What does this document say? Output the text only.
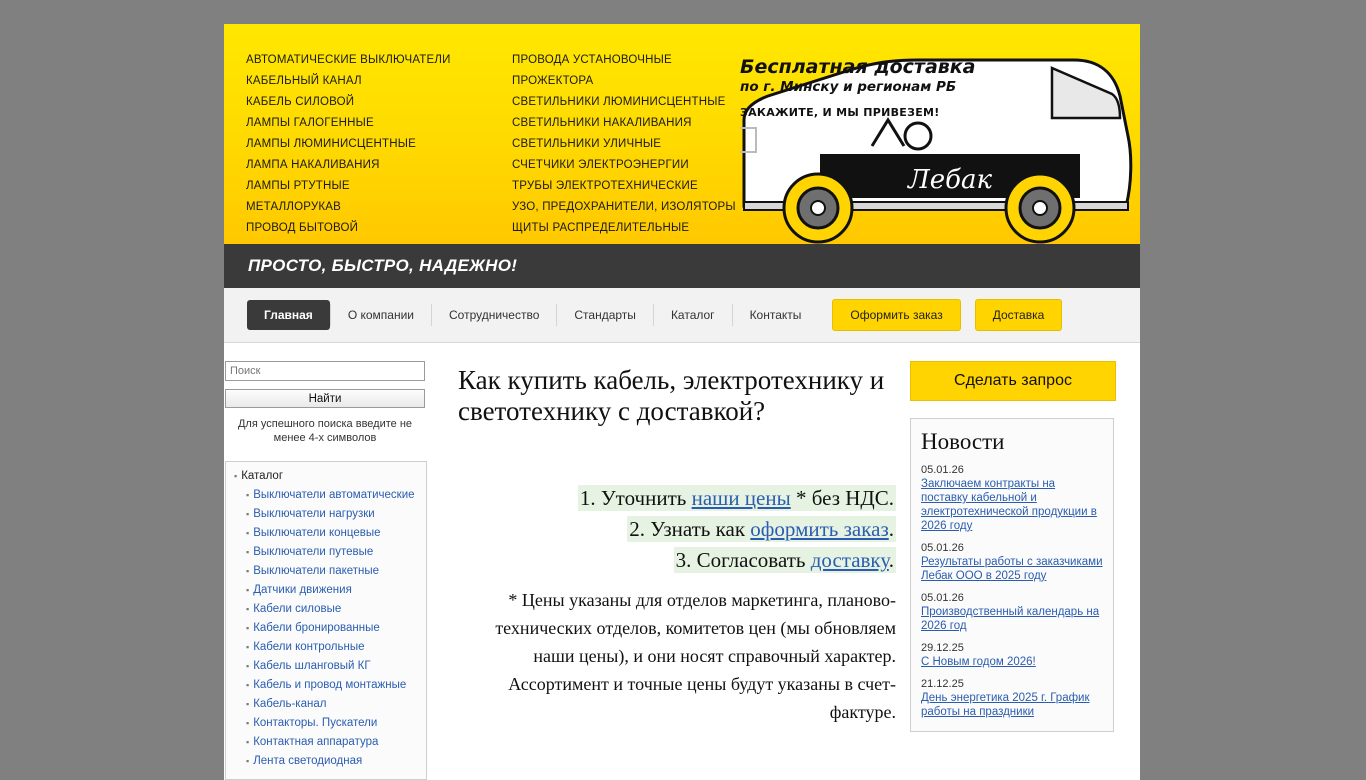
АВТОМАТИЧЕСКИЕ ВЫКЛЮЧАТЕЛИ
КАБЕЛЬНЫЙ КАНАЛ
КАБЕЛЬ СИЛОВОЙ
ЛАМПЫ ГАЛОГЕННЫЕ
ЛАМПЫ ЛЮМИНИСЦЕНТНЫЕ
ЛАМПА НАКАЛИВАНИЯ
ЛАМПЫ РТУТНЫЕ
МЕТАЛЛОРУКАВ
ПРОВОД БЫТОВОЙ
ПРОВОДА УСТАНОВОЧНЫЕ
ПРОЖЕКТОРА
СВЕТИЛЬНИКИ ЛЮМИНИСЦЕНТНЫЕ
СВЕТИЛЬНИКИ НАКАЛИВАНИЯ
СВЕТИЛЬНИКИ УЛИЧНЫЕ
СЧЕТЧИКИ ЭЛЕКТРОЭНЕРГИИ
ТРУБЫ ЭЛЕКТРОТЕХНИЧЕСКИЕ
УЗО, ПРЕДОХРАНИТЕЛИ, ИЗОЛЯТОРЫ
ЩИТЫ РАСПРЕДЕЛИТЕЛЬНЫЕ
Лебак
Бесплатная доставка
по г. Минску и регионам РБ
ЗАКАЖИТЕ, И МЫ ПРИВЕЗЕМ!
ПРОСТО, БЫСТРО, НАДЕЖНО!
Главная	О компании	Сотрудничество	Стандарты	Каталог	Контакты	Оформить заказ	Доставка
Поиск Найти
Для успешного поиска введите не менее 4-х символов
▪ Каталог
▪ Выключатели автоматические
▪ Выключатели нагрузки
▪ Выключатели концевые
▪ Выключатели путевые
▪ Выключатели пакетные
▪ Датчики движения
▪ Кабели силовые
▪ Кабели бронированные
▪ Кабели контрольные
▪ Кабель шланговый КГ
▪ Кабель и провод монтажные
▪ Кабель-канал
▪ Контакторы. Пускатели
▪ Контактная аппаратура
▪ Лента светодиодная
Как купить кабель, электротехнику и светотехнику с доставкой?
1. Уточнить наши цены * без НДС.
2. Узнать как оформить заказ.
3. Согласовать доставку.
* Цены указаны для отделов маркетинга, планово-технических отделов, комитетов цен (мы обновляем наши цены), и они носят справочный характер. Ассортимент и точные цены будут указаны в счет-фактуре.
Сделать запрос
Новости
05.01.26
Заключаем контракты на поставку кабельной и электротехнической продукции в 2026 году
05.01.26
Результаты работы с заказчиками Лебак ООО в 2025 году
05.01.26
Производственный календарь на 2026 год
29.12.25
С Новым годом 2026!
21.12.25
День энергетика 2025 г. График работы на праздники
